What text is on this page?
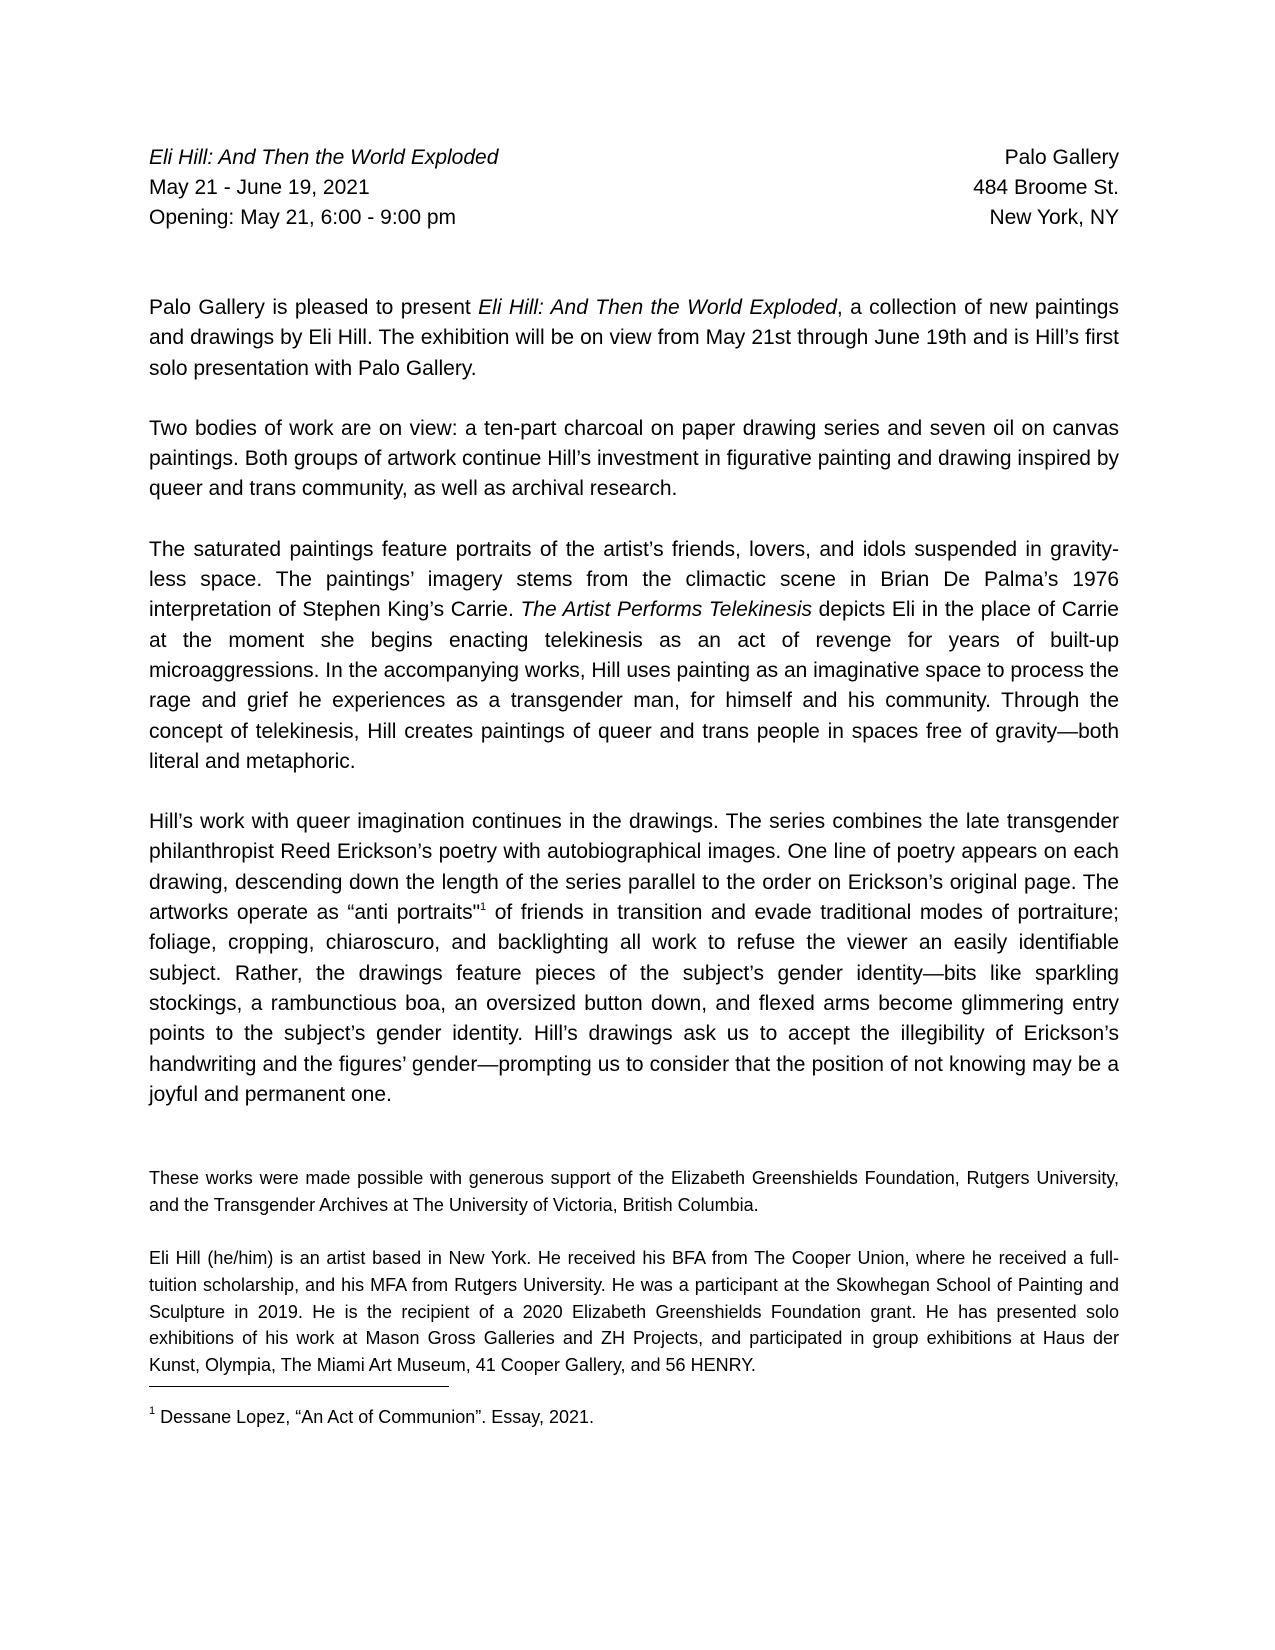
Eli Hill: And Then the World Exploded

May 21 - June 19, 2021

Opening: May 21, 6:00 - 9:00 pm

Palo Gallery

484 Broome St.

New York, NY

Palo Gallery is pleased to present Eli Hill: And Then the World Exploded, a collection of new paintings and drawings by Eli Hill. The exhibition will be on view from May 21st through June 19th and is Hill’s first solo presentation with Palo Gallery.

Two bodies of work are on view: a ten-part charcoal on paper drawing series and seven oil on canvas paintings. Both groups of artwork continue Hill’s investment in figurative painting and drawing inspired by queer and trans community, as well as archival research.

The saturated paintings feature portraits of the artist’s friends, lovers, and idols suspended in gravity-less space. The paintings’ imagery stems from the climactic scene in Brian De Palma’s 1976 interpretation of Stephen King’s Carrie. The Artist Performs Telekinesis depicts Eli in the place of Carrie at the moment she begins enacting telekinesis as an act of revenge for years of built-up microaggressions. In the accompanying works, Hill uses painting as an imaginative space to process the rage and grief he experiences as a transgender man, for himself and his community. Through the concept of telekinesis, Hill creates paintings of queer and trans people in spaces free of gravity—both literal and metaphoric.

Hill’s work with queer imagination continues in the drawings. The series combines the late transgender philanthropist Reed Erickson’s poetry with autobiographical images. One line of poetry appears on each drawing, descending down the length of the series parallel to the order on Erickson’s original page. The artworks operate as “anti portraits"$^1$ of friends in transition and evade traditional modes of portraiture; foliage, cropping, chiaroscuro, and backlighting all work to refuse the viewer an easily identifiable subject. Rather, the drawings feature pieces of the subject’s gender identity—bits like sparkling stockings, a rambunctious boa, an oversized button down, and flexed arms become glimmering entry points to the subject’s gender identity. Hill’s drawings ask us to accept the illegibility of Erickson’s handwriting and the figures’ gender—prompting us to consider that the position of not knowing may be a joyful and permanent one.

These works were made possible with generous support of the Elizabeth Greenshields Foundation, Rutgers University, and the Transgender Archives at The University of Victoria, British Columbia.

Eli Hill (he/him) is an artist based in New York. He received his BFA from The Cooper Union, where he received a full-tuition scholarship, and his MFA from Rutgers University. He was a participant at the Skowhegan School of Painting and Sculpture in 2019. He is the recipient of a 2020 Elizabeth Greenshields Foundation grant. He has presented solo exhibitions of his work at Mason Gross Galleries and ZH Projects, and participated in group exhibitions at Haus der Kunst, Olympia, The Miami Art Museum, 41 Cooper Gallery, and 56 HENRY.

$^1$ Dessane Lopez, “An Act of Communion”. Essay, 2021.
